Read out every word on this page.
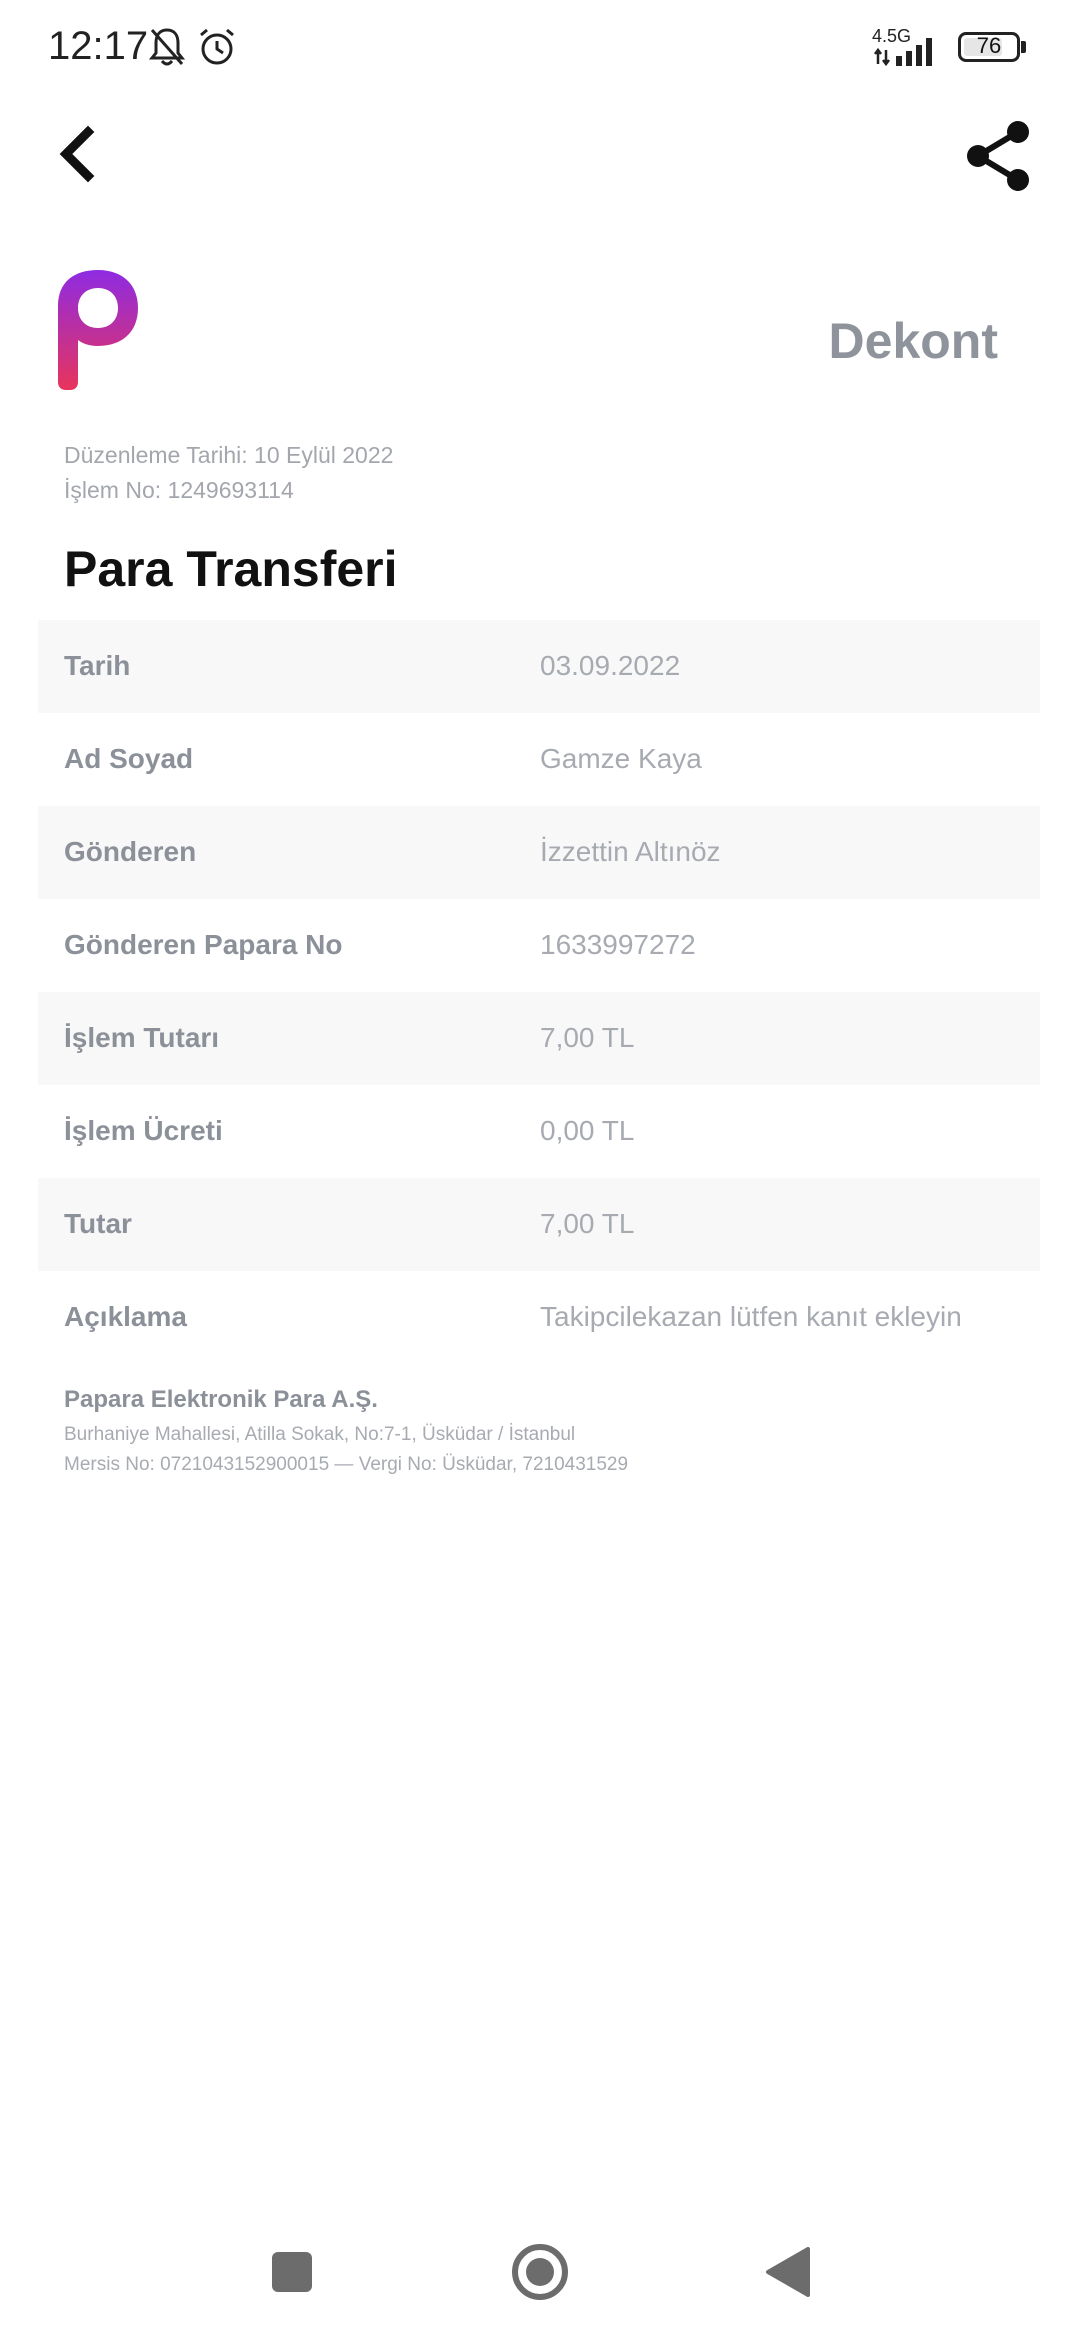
12:17	4.5G	76
Dekont
Düzenleme Tarihi: 10 Eylül 2022
İşlem No: 1249693114
Para Transferi
Tarih	03.09.2022
Ad Soyad	Gamze Kaya
Gönderen	İzzettin Altınöz
Gönderen Papara No	1633997272
İşlem Tutarı	7,00 TL
İşlem Ücreti	0,00 TL
Tutar	7,00 TL
Açıklama	Takipcilekazan lütfen kanıt ekleyin
Papara Elektronik Para A.Ş.
Burhaniye Mahallesi, Atilla Sokak, No:7-1, Üsküdar / İstanbul
Mersis No: 0721043152900015 — Vergi No: Üsküdar, 7210431529
